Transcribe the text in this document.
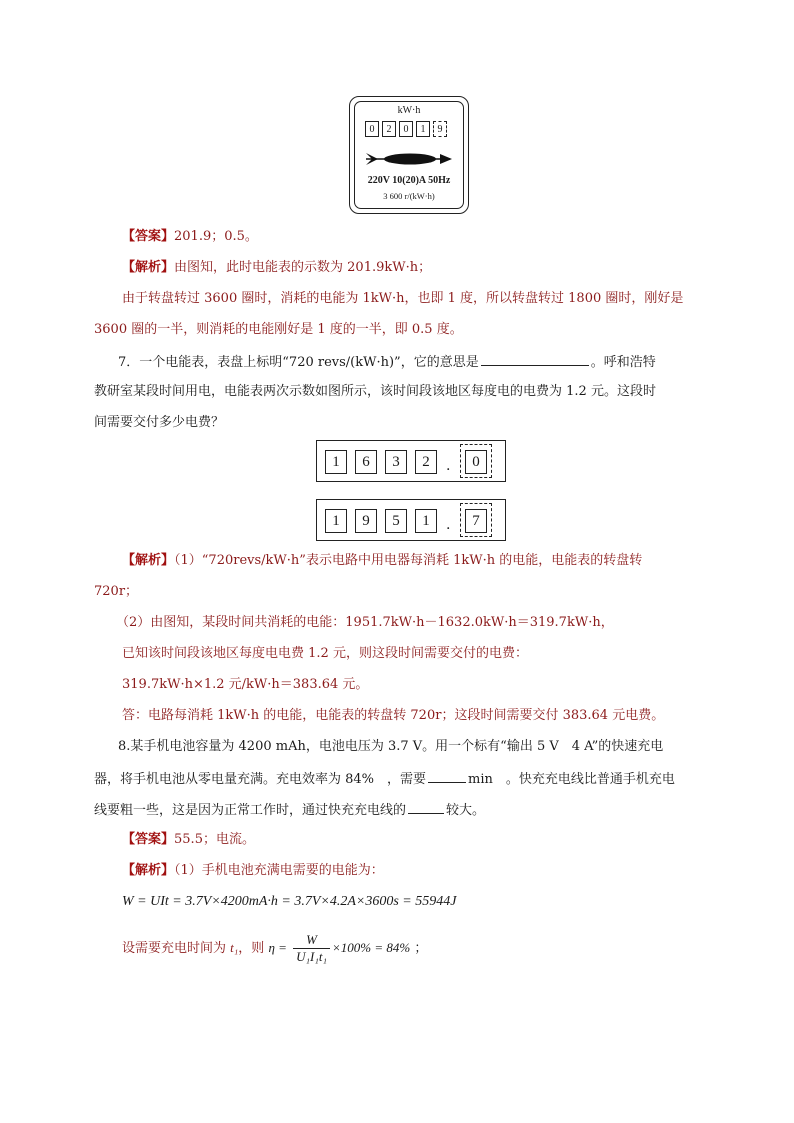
kW·h
0	2	0	1	9
220V 10(20)A 50Hz
3 600 r/(kW·h)
【答案】201.9；0.5。
【解析】由图知，此时电能表的示数为 201.9kW·h；
由于转盘转过 3600 圈时，消耗的电能为 1kW·h，也即 1 度，所以转盘转过 1800 圈时，刚好是
3600 圈的一半，则消耗的电能刚好是 1 度的一半，即 0.5 度。
7．一个电能表，表盘上标明“720 revs/(kW·h)”，它的意思是	。呼和浩特
教研室某段时间用电，电能表两次示数如图所示，该时间段该地区每度电的电费为 1.2 元。这段时
间需要交付多少电费？
1	6	3	2	.	0
1	9	5	1	.	7
【解析】（1）“720revs/kW·h”表示电路中用电器每消耗 1kW·h 的电能，电能表的转盘转
720r；
（2）由图知，某段时间共消耗的电能：1951.7kW·h－1632.0kW·h＝319.7kW·h，
已知该时间段该地区每度电电费 1.2 元，则这段时间需要交付的电费：
319.7kW·h×1.2 元/kW·h＝383.64 元。
答：电路每消耗 1kW·h 的电能，电能表的转盘转 720r；这段时间需要交付 383.64 元电费。
8.某手机电池容量为 4200 mAh，电池电压为 3.7 V。用一个标有“输出 5 V　4 A”的快速充电
器，将手机电池从零电量充满。充电效率为 84%　，需要	min　。快充充电线比普通手机充电
线要粗一些，这是因为正常工作时，通过快充充电线的	较大。
【答案】55.5；电流。
【解析】（1）手机电池充满电需要的电能为：
W = UIt = 3.7V×4200mA·h = 3.7V×4.2A×3600s = 55944J
设需要充电时间为 t₁，则 $\eta = \frac{W}{\text{U₁I₁t₁}} \times 100\% = 84\%$ ；
